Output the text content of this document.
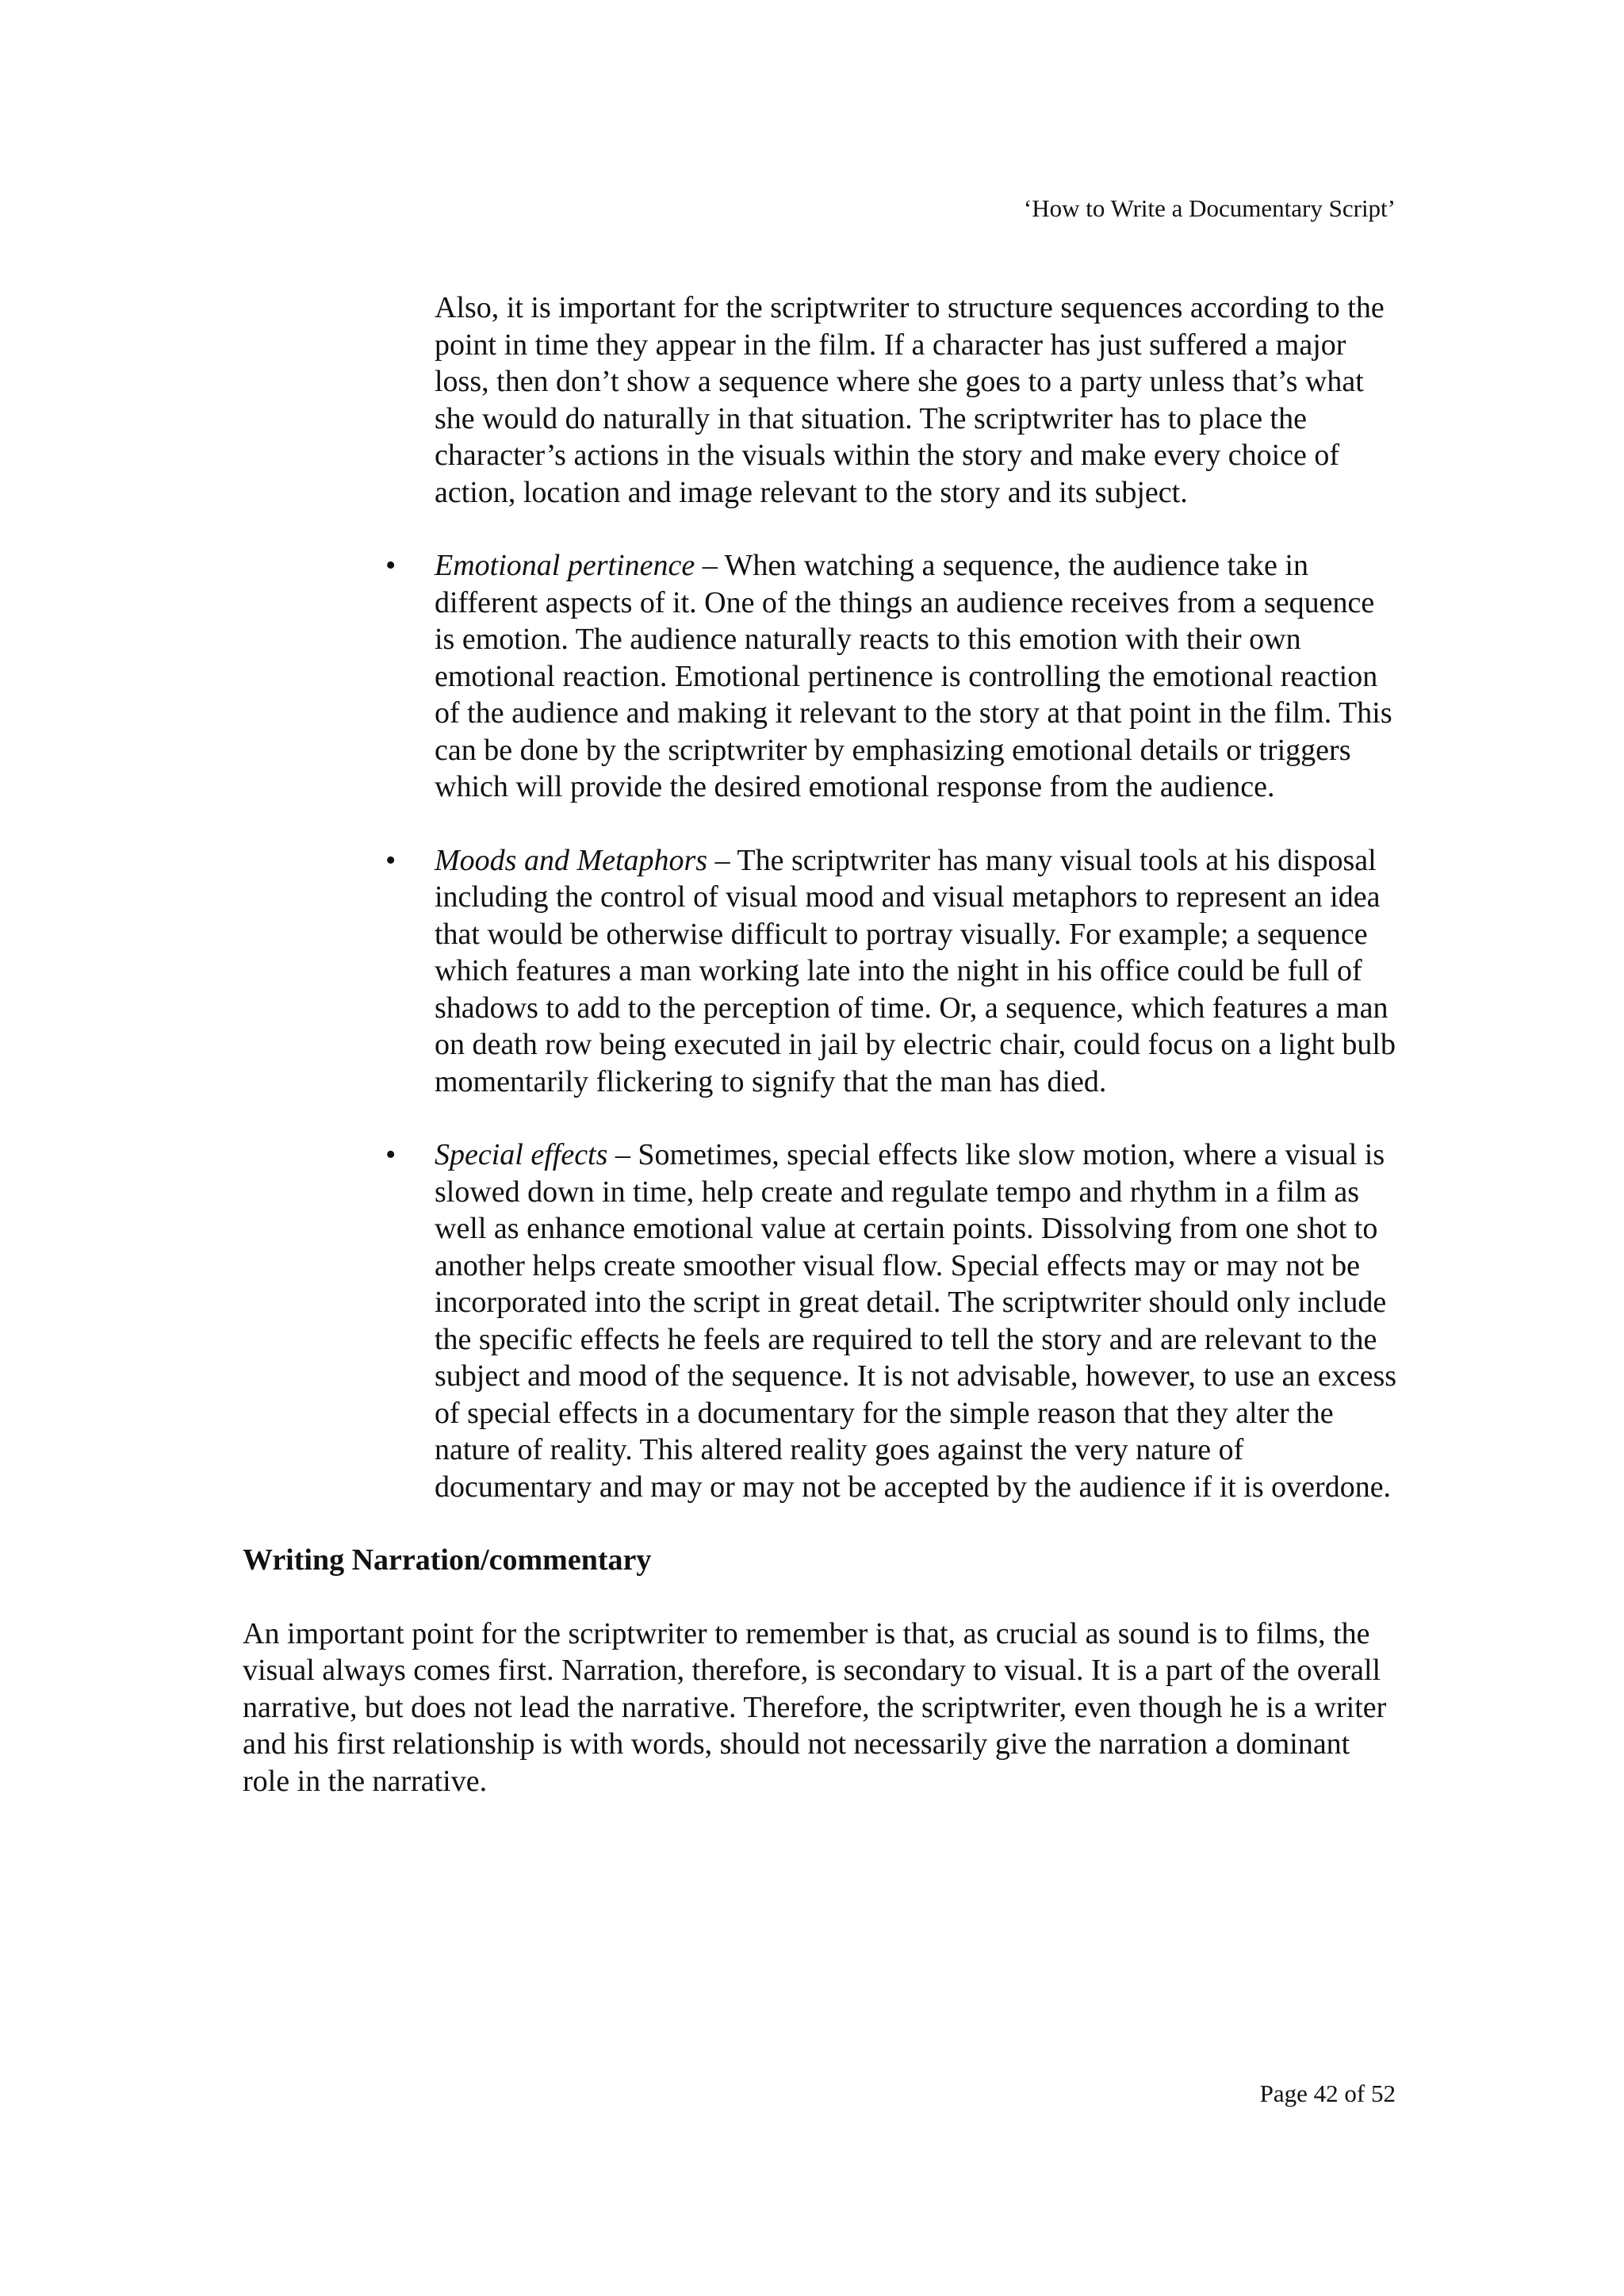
‘How to Write a Documentary Script’

Also, it is important for the scriptwriter to structure sequences according to the point in time they appear in the film. If a character has just suffered a major loss, then don’t show a sequence where she goes to a party unless that’s what she would do naturally in that situation. The scriptwriter has to place the character’s actions in the visuals within the story and make every choice of action, location and image relevant to the story and its subject.

•	Emotional pertinence – When watching a sequence, the audience take in different aspects of it. One of the things an audience receives from a sequence is emotion. The audience naturally reacts to this emotion with their own emotional reaction. Emotional pertinence is controlling the emotional reaction of the audience and making it relevant to the story at that point in the film. This can be done by the scriptwriter by emphasizing emotional details or triggers which will provide the desired emotional response from the audience.
•	Moods and Metaphors – The scriptwriter has many visual tools at his disposal including the control of visual mood and visual metaphors to represent an idea that would be otherwise difficult to portray visually. For example; a sequence which features a man working late into the night in his office could be full of shadows to add to the perception of time. Or, a sequence, which features a man on death row being executed in jail by electric chair, could focus on a light bulb momentarily flickering to signify that the man has died.
•	Special effects – Sometimes, special effects like slow motion, where a visual is slowed down in time, help create and regulate tempo and rhythm in a film as well as enhance emotional value at certain points. Dissolving from one shot to another helps create smoother visual flow. Special effects may or may not be incorporated into the script in great detail. The scriptwriter should only include the specific effects he feels are required to tell the story and are relevant to the subject and mood of the sequence. It is not advisable, however, to use an excess of special effects in a documentary for the simple reason that they alter the nature of reality. This altered reality goes against the very nature of documentary and may or may not be accepted by the audience if it is overdone.
Writing Narration/commentary

An important point for the scriptwriter to remember is that, as crucial as sound is to films, the visual always comes first. Narration, therefore, is secondary to visual. It is a part of the overall narrative, but does not lead the narrative. Therefore, the scriptwriter, even though he is a writer and his first relationship is with words, should not necessarily give the narration a dominant role in the narrative.

Page 42 of 52
